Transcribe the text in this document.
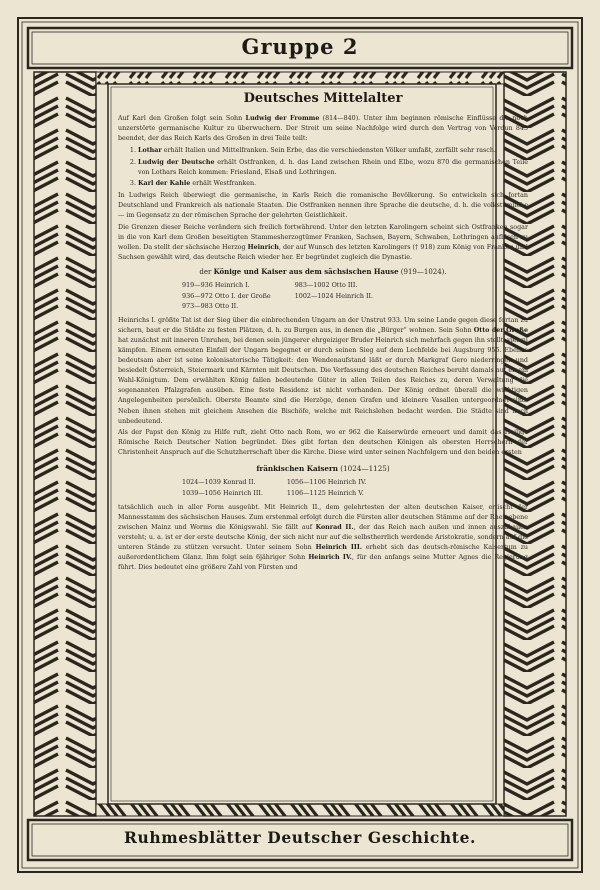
Gruppe 2
Deutsches Mittelalter

Auf Karl den Großen folgt sein Sohn Ludwig der Fromme (814—840). Unter ihm beginnen römische Einflüsse die noch unzerstörte germanische Kultur zu überwuchern. Der Streit um seine Nachfolge wird durch den Vertrag von Verdun 843 beendet, der das Reich Karls des Großen in drei Teile teilt:

1. Lothar erhält Italien und Mittelfranken. Sein Erbe, das die verschiedensten Völker umfaßt, zerfällt sehr rasch.
2. Ludwig der Deutsche erhält Ostfranken, d. h. das Land zwischen Rhein und Elbe, wozu 870 die germanischen Teile von Lothars Reich kommen: Friesland, Elsaß und Lothringen.
3. Karl der Kahle erhält Westfranken.

In Ludwigs Reich überwiegt die germanische, in Karls Reich die romanische Bevölkerung. So entwickeln sich fortan Deutschland und Frankreich als nationale Staaten. Die Ostfranken nennen ihre Sprache die deutsche, d. h. die volkstümliche — im Gegensatz zu der römischen Sprache der gelehrten Geistlichkeit.

Die Grenzen dieser Reiche verändern sich freilich fortwährend. Unter den letzten Karolingern scheint sich Ostfranken sogar in die von Karl dem Großen beseitigten Stammesherzogtümer Franken, Sachsen, Bayern, Schwaben, Lothringen auflösen zu wollen. Da stellt der sächsische Herzog Heinrich, der auf Wunsch des letzten Karolingers († 918) zum König von Franken und Sachsen gewählt wird, das deutsche Reich wieder her. Er begründet zugleich die Dynastie.

der Könige und Kaiser aus dem sächsischen Hause (919—1024).
919—936 Heinrich I.	983—1002 Otto III.
936—972 Otto I. der Große	1002—1024 Heinrich II.
973—983 Otto II.	

Heinrichs I. größte Tat ist der Sieg über die einbrechenden Ungarn an der Unstrut 933. Um seine Lande gegen diese fortan zu sichern, baut er die Städte zu festen Plätzen, d. h. zu Burgen aus, in denen die „Bürger“ wohnen. Sein Sohn Otto der Große hat zunächst mit inneren Unruhen, bei denen sein jüngerer ehrgeiziger Bruder Heinrich sich mehrfach gegen ihn stellt, viel zu kämpfen. Einem erneuten Einfall der Ungarn begegnet er durch seinen Sieg auf dem Lechfelde bei Augsburg 955. Ebenso bedeutsam aber ist seine kolonisatorische Tätigkeit: den Wendenaufstand läßt er durch Markgraf Gero niederringen und besiedelt Österreich, Steiermark und Kärnten mit Deutschen. Die Verfassung des deutschen Reiches beruht damals auf einem Wahl-Königtum. Dem erwählten König fallen bedeutende Güter in allen Teilen des Reiches zu, deren Verwaltung die sogenannten Pfalzgrafen ausüben. Eine feste Residenz ist nicht vorhanden. Der König ordnet überall die wichtigen Angelegenheiten persönlich. Oberste Beamte sind die Herzöge, denen Grafen und kleinere Vasallen untergeordnet sind. Neben ihnen stehen mit gleichem Ansehen die Bischöfe, welche mit Reichslehen bedacht werden. Die Städte sind noch unbedeutend.

Als der Papst den König zu Hilfe ruft, zieht Otto nach Rom, wo er 962 die Kaiserwürde erneuert und damit das Heilige Römische Reich Deutscher Nation begründet. Dies gibt fortan den deutschen Königen als obersten Herrschern der Christenheit Anspruch auf die Schutzherrschaft über die Kirche. Diese wird unter seinen Nachfolgern und den beiden ersten

fränkischen Kaisern (1024—1125)
1024—1039 Konrad II.	1056—1106 Heinrich IV.
1039—1056 Heinrich III.	1106—1125 Heinrich V.

tatsächlich auch in aller Form ausgeübt. Mit Heinrich II., dem gelehrtesten der alten deutschen Kaiser, erlischt der Mannesstamm des sächsischen Hauses. Zum erstenmal erfolgt durch die Fürsten aller deutschen Stämme auf der Rheinebene zwischen Mainz und Worms die Königswahl. Sie fällt auf Konrad II., der das Reich nach außen und innen auszubauen versteht; u. a. ist er der erste deutsche König, der sich nicht nur auf die selbstherrlich werdende Aristokratie, sondern auf die unteren Stände zu stützen versucht. Unter seinem Sohn Heinrich III. erhebt sich das deutsch-römische Kaisertum zu außerordentlichem Glanz. Ihm folgt sein 6jähriger Sohn Heinrich IV., für den anfangs seine Mutter Agnes die Regierung führt. Dies bedeutet eine größere Zahl von Fürsten und

Ruhmesblätter Deutscher Geschichte.
